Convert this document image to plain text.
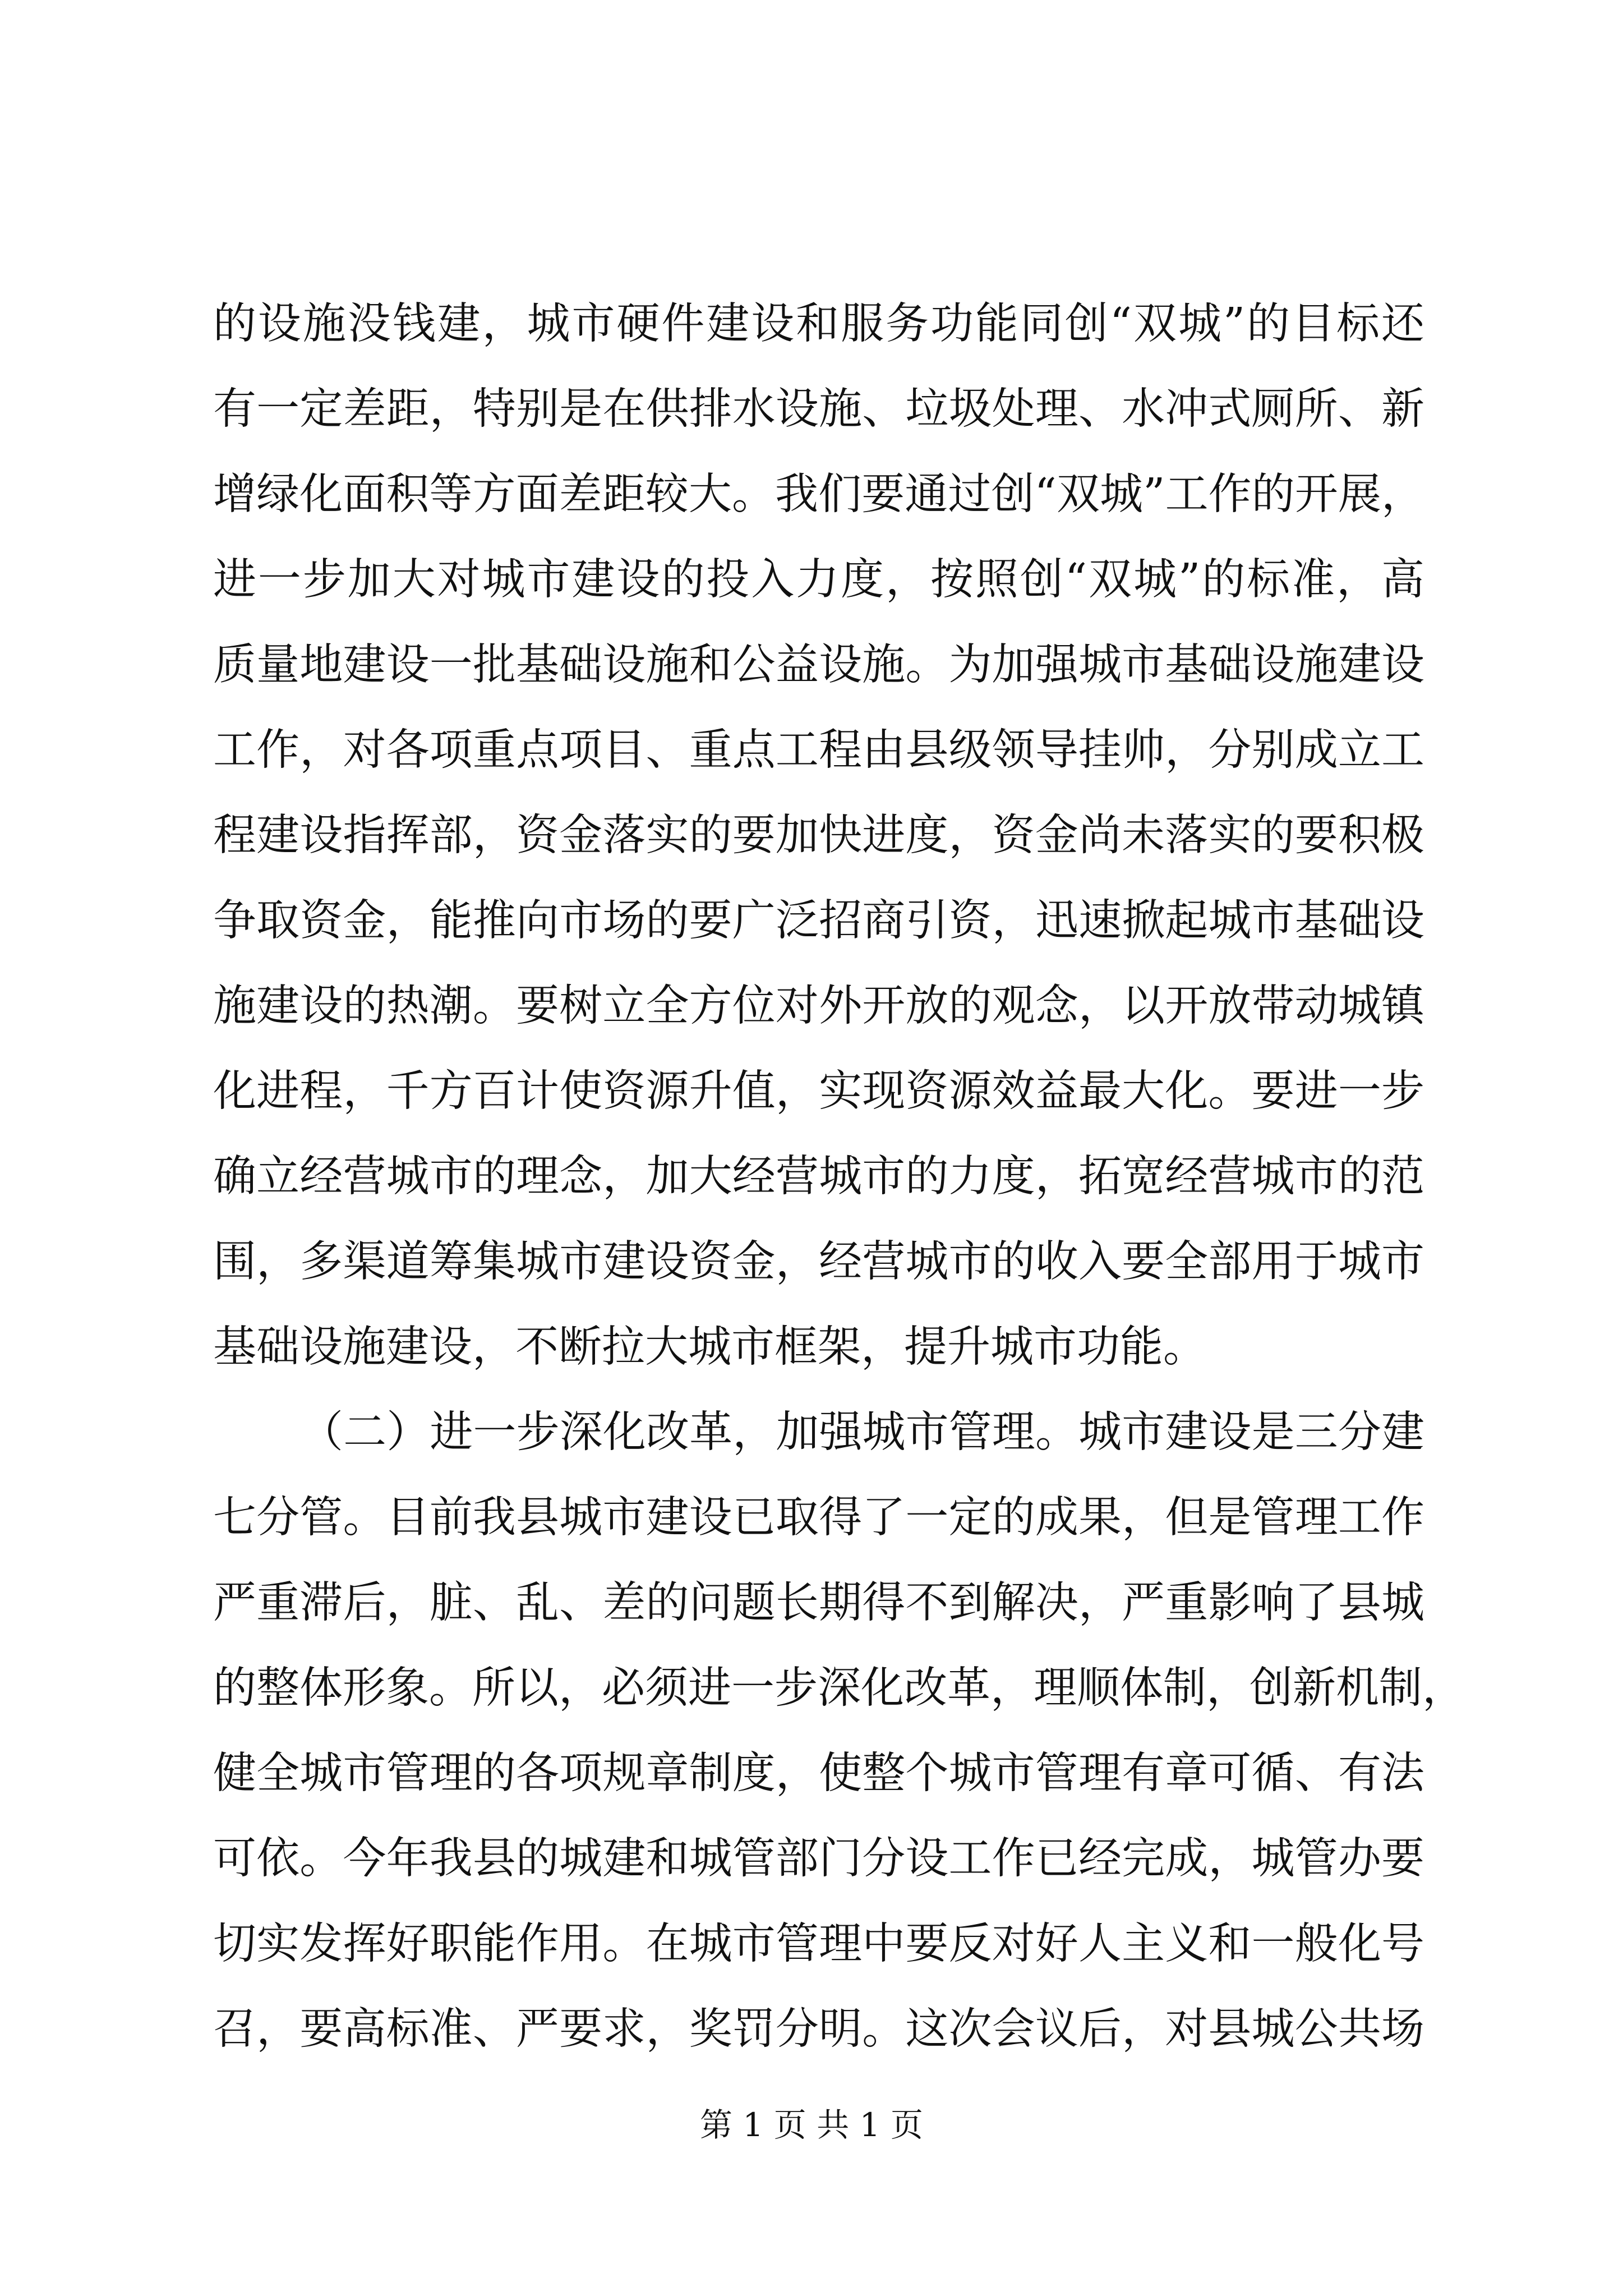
的设施没钱建，城市硬件建设和服务功能同创“双城”的目标还
有一定差距，特别是在供排水设施、垃圾处理、水冲式厕所、新
增绿化面积等方面差距较大。我们要通过创“双城”工作的开展，
进一步加大对城市建设的投入力度，按照创“双城”的标准，高
质量地建设一批基础设施和公益设施。为加强城市基础设施建设
工作，对各项重点项目、重点工程由县级领导挂帅，分别成立工
程建设指挥部，资金落实的要加快进度，资金尚未落实的要积极
争取资金，能推向市场的要广泛招商引资，迅速掀起城市基础设
施建设的热潮。要树立全方位对外开放的观念，以开放带动城镇
化进程，千方百计使资源升值，实现资源效益最大化。要进一步
确立经营城市的理念，加大经营城市的力度，拓宽经营城市的范
围，多渠道筹集城市建设资金，经营城市的收入要全部用于城市
基础设施建设，不断拉大城市框架，提升城市功能。
（二）进一步深化改革，加强城市管理。城市建设是三分建
七分管。目前我县城市建设已取得了一定的成果，但是管理工作
严重滞后，脏、乱、差的问题长期得不到解决，严重影响了县城
的整体形象。所以，必须进一步深化改革，理顺体制，创新机制，
健全城市管理的各项规章制度，使整个城市管理有章可循、有法
可依。今年我县的城建和城管部门分设工作已经完成，城管办要
切实发挥好职能作用。在城市管理中要反对好人主义和一般化号
召，要高标准、严要求，奖罚分明。这次会议后，对县城公共场
第 1 页 共 1 页
